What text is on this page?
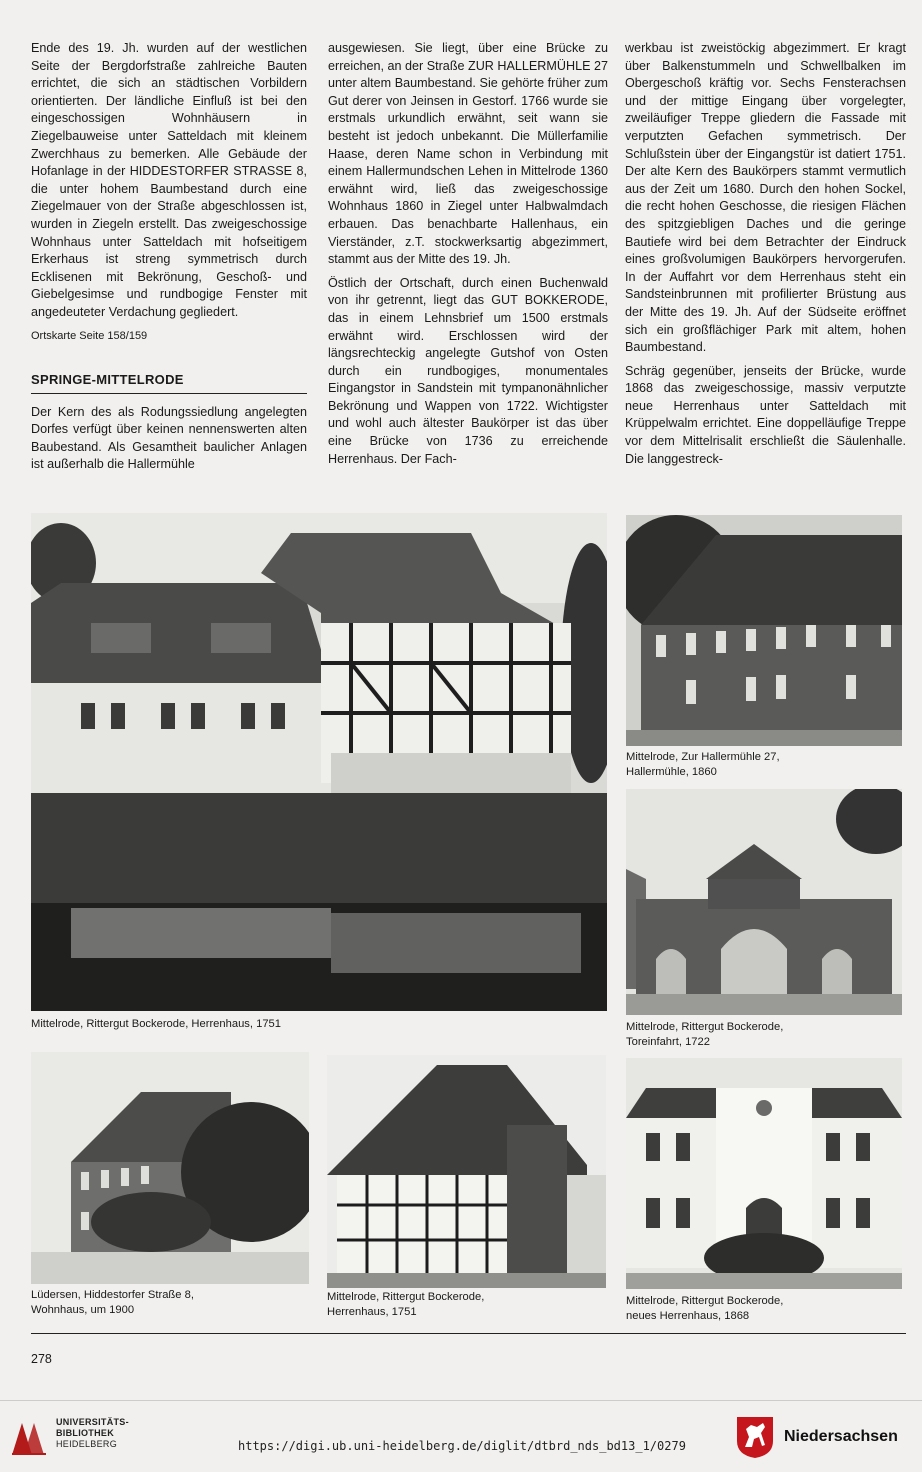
Ende des 19. Jh. wurden auf der westlichen Seite der Bergdorfstraße zahlreiche Bauten errichtet, die sich an städtischen Vorbildern orientierten. Der ländliche Einfluß ist bei den eingeschossigen Wohnhäusern in Ziegelbauweise unter Satteldach mit kleinem Zwerchhaus zu bemerken. Alle Gebäude der Hofanlage in der HIDDESTORFER STRASSE 8, die unter hohem Baumbestand durch eine Ziegelmauer von der Straße abgeschlossen ist, wurden in Ziegeln erstellt. Das zweigeschossige Wohnhaus unter Satteldach mit hofseitigem Erkerhaus ist streng symmetrisch durch Ecklisenen mit Bekrönung, Geschoß- und Giebelgesimse und rundbogige Fenster mit angedeuteter Verdachung gegliedert.

Ortskarte Seite 158/159
SPRINGE-MITTELRODE

Der Kern des als Rodungssiedlung angelegten Dorfes verfügt über keinen nennenswerten alten Baubestand. Als Gesamtheit baulicher Anlagen ist außerhalb die Hallermühle

ausgewiesen. Sie liegt, über eine Brücke zu erreichen, an der Straße ZUR HALLERMÜHLE 27 unter altem Baumbestand. Sie gehörte früher zum Gut derer von Jeinsen in Gestorf. 1766 wurde sie erstmals urkundlich erwähnt, seit wann sie besteht ist jedoch unbekannt. Die Müllerfamilie Haase, deren Name schon in Verbindung mit einem Hallermundschen Lehen in Mittelrode 1360 erwähnt wird, ließ das zweigeschossige Wohnhaus 1860 in Ziegel unter Halbwalmdach erbauen. Das benachbarte Hallenhaus, ein Vierständer, z.T. stockwerksartig abgezimmert, stammt aus der Mitte des 19. Jh.

Östlich der Ortschaft, durch einen Buchenwald von ihr getrennt, liegt das GUT BOKKERODE, das in einem Lehnsbrief um 1500 erstmals erwähnt wird. Erschlossen wird der längsrechteckig angelegte Gutshof von Osten durch ein rundbogiges, monumentales Eingangstor in Sandstein mit tympanonähnlicher Bekrönung und Wappen von 1722. Wichtigster und wohl auch ältester Baukörper ist das über eine Brücke von 1736 zu erreichende Herrenhaus. Der Fach-

werkbau ist zweistöckig abgezimmert. Er kragt über Balkenstummeln und Schwellbalken im Obergeschoß kräftig vor. Sechs Fensterachsen und der mittige Eingang über vorgelegter, zweiläufiger Treppe gliedern die Fassade mit verputzten Gefachen symmetrisch. Der Schlußstein über der Eingangstür ist datiert 1751. Der alte Kern des Baukörpers stammt vermutlich aus der Zeit um 1680. Durch den hohen Sockel, die recht hohen Geschosse, die riesigen Flächen des spitzgiebligen Daches und die geringe Bautiefe wird bei dem Betrachter der Eindruck eines großvolumigen Baukörpers hervorgerufen. In der Auffahrt vor dem Herrenhaus steht ein Sandsteinbrunnen mit profilierter Brüstung aus der Mitte des 19. Jh. Auf der Südseite eröffnet sich ein großflächiger Park mit altem, hohen Baumbestand.

Schräg gegenüber, jenseits der Brücke, wurde 1868 das zweigeschossige, massiv verputzte neue Herrenhaus unter Satteldach mit Krüppelwalm errichtet. Eine doppelläufige Treppe vor dem Mittelrisalit erschließt die Säulenhalle. Die langgestreck-

Mittelrode, Rittergut Bockerode, Herrenhaus, 1751
Mittelrode, Zur Hallermühle 27,
Hallermühle, 1860
Mittelrode, Rittergut Bockerode,
Toreinfahrt, 1722
Lüdersen, Hiddestorfer Straße 8,
Wohnhaus, um 1900
Mittelrode, Rittergut Bockerode,
Herrenhaus, 1751
Mittelrode, Rittergut Bockerode,
neues Herrenhaus, 1868
278
UNIVERSITÄTS-
BIBLIOTHEK
HEIDELBERG	https://digi.ub.uni-heidelberg.de/diglit/dtbrd_nds_bd13_1/0279
Niedersachsen
